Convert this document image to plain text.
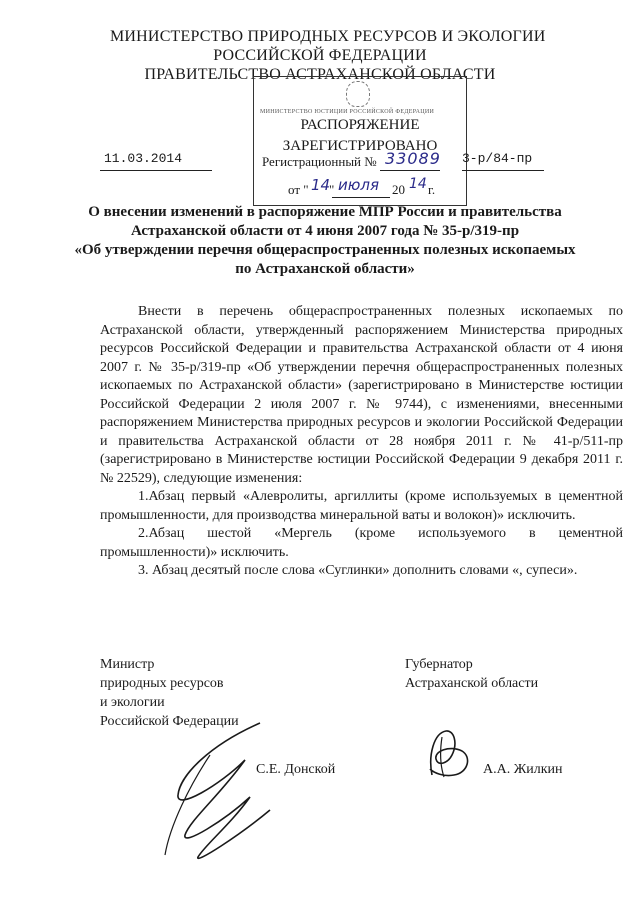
МИНИСТЕРСТВО ПРИРОДНЫХ РЕСУРСОВ И ЭКОЛОГИИ
РОССИЙСКОЙ ФЕДЕРАЦИИ
ПРАВИТЕЛЬСТВО АСТРАХАНСКОЙ ОБЛАСТИ
МИНИСТЕРСТВО ЮСТИЦИИ РОССИЙСКОЙ ФЕДЕРАЦИИ
РАСПОРЯЖЕНИЕ
ЗАРЕГИСТРИРОВАНО
Регистрационный № 33089
от " 14
" июля 20 14 г.
11.03.2014	3-р/84-пр
О внесении изменений в распоряжение МПР России и правительства
Астраханской области от 4 июня 2007 года № 35-р/319-пр
«Об утверждении перечня общераспространенных полезных ископаемых
по Астраханской области»

Внести в перечень общераспространенных полезных ископаемых по Астраханской области, утвержденный распоряжением Министерства природных ресурсов Российской Федерации и правительства Астраханской области от 4 июня 2007 г. № 35-р/319-пр «Об утверждении перечня общераспространенных полезных ископаемых по Астраханской области» (зарегистрировано в Министерстве юстиции Российской Федерации 2 июля 2007 г. № 9744), с изменениями, внесенными распоряжением Министерства природных ресурсов и экологии Российской Федерации и правительства Астраханской области от 28 ноября 2011 г. № 41-р/511-пр (зарегистрировано в Министерстве юстиции Российской Федерации 9 декабря 2011 г. № 22529), следующие изменения:

1.Абзац первый «Алевролиты, аргиллиты (кроме используемых в цементной промышленности, для производства минеральной ваты и волокон)» исключить.

2.Абзац шестой «Мергель (кроме используемого в цементной промышленности)» исключить.

3. Абзац десятый после слова «Суглинки» дополнить словами «, супеси».

Министр
природных ресурсов
и экологии
Российской Федерации
С.Е. Донской
Губернатор
Астраханской области
А.А. Жилкин
